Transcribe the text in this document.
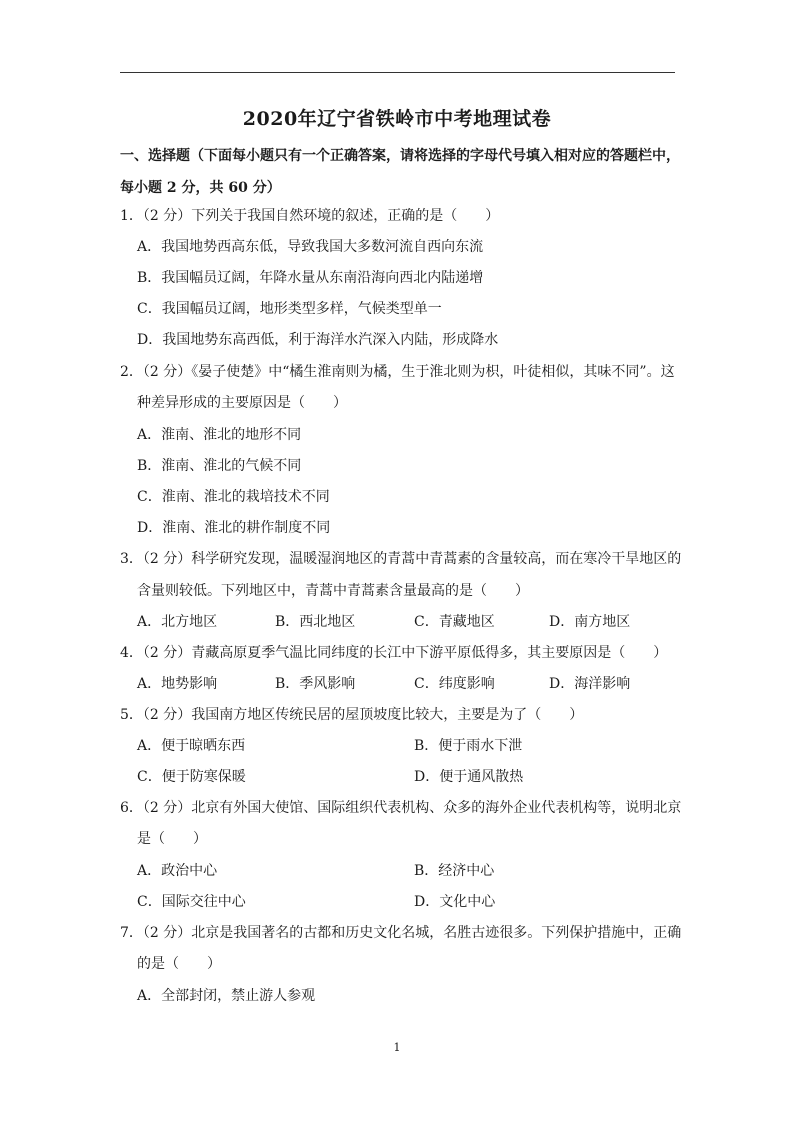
2020年辽宁省铁岭市中考地理试卷
一、选择题（下面每小题只有一个正确答案，请将选择的字母代号填入相对应的答题栏中，
每小题 2 分，共 60 分）
1．（2 分）下列关于我国自然环境的叙述，正确的是（　　）
A．我国地势西高东低，导致我国大多数河流自西向东流
B．我国幅员辽阔，年降水量从东南沿海向西北内陆递增
C．我国幅员辽阔，地形类型多样，气候类型单一
D．我国地势东高西低，利于海洋水汽深入内陆，形成降水
2．（2 分）《晏子使楚》中“橘生淮南则为橘，生于淮北则为枳，叶徒相似，其味不同”。这
种差异形成的主要原因是（　　）
A．淮南、淮北的地形不同
B．淮南、淮北的气候不同
C．淮南、淮北的栽培技术不同
D．淮南、淮北的耕作制度不同
3．（2 分）科学研究发现，温暖湿润地区的青蒿中青蒿素的含量较高，而在寒冷干旱地区的
含量则较低。下列地区中，青蒿中青蒿素含量最高的是（　　）
A．北方地区	B．西北地区	C．青藏地区	D．南方地区
4．（2 分）青藏高原夏季气温比同纬度的长江中下游平原低得多，其主要原因是（　　）
A．地势影响	B．季风影响	C．纬度影响	D．海洋影响
5．（2 分）我国南方地区传统民居的屋顶坡度比较大，主要是为了（　　）
A．便于晾晒东西	B．便于雨水下泄
C．便于防寒保暖	D．便于通风散热
6．（2 分）北京有外国大使馆、国际组织代表机构、众多的海外企业代表机构等，说明北京
是（　　）
A．政治中心	B．经济中心
C．国际交往中心	D．文化中心
7．（2 分）北京是我国著名的古都和历史文化名城，名胜古迹很多。下列保护措施中，正确
的是（　　）
A．全部封闭，禁止游人参观
1
